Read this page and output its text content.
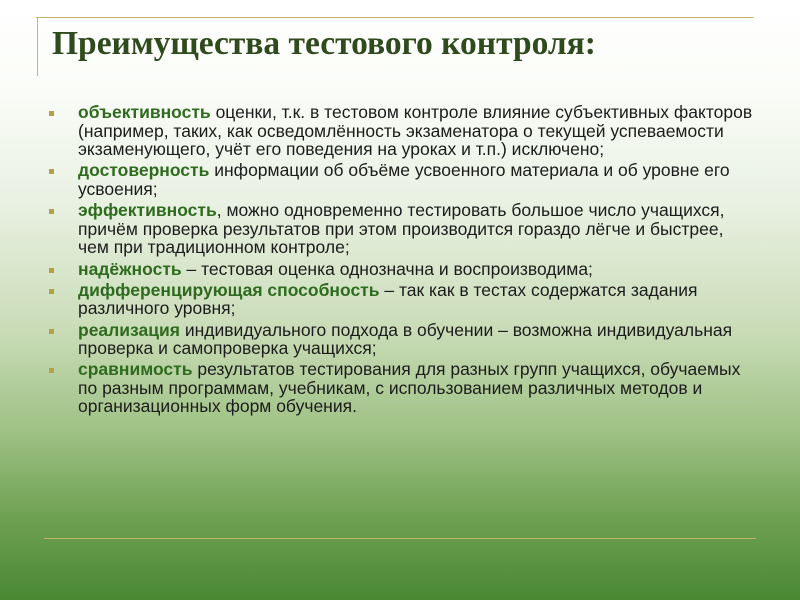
Преимущества тестового контроля:
объективность оценки, т.к. в тестовом контроле влияние субъективных факторов (например, таких, как осведомлённость экзаменатора о текущей успеваемости экзаменующего, учёт его поведения на уроках и т.п.) исключено;
достоверность информации об объёме усвоенного материала и об уровне его усвоения;
эффективность, можно одновременно тестировать большое число учащихся, причём проверка результатов при этом производится гораздо лёгче и быстрее, чем при традиционном контроле;
надёжность – тестовая оценка однозначна и воспроизводима;
дифференцирующая способность – так как в тестах содержатся задания различного уровня;
реализация индивидуального подхода в обучении – возможна индивидуальная проверка и самопроверка учащихся;
сравнимость результатов тестирования для разных групп учащихся, обучаемых по разным программам, учебникам, с использованием различных методов и организационных форм обучения.
